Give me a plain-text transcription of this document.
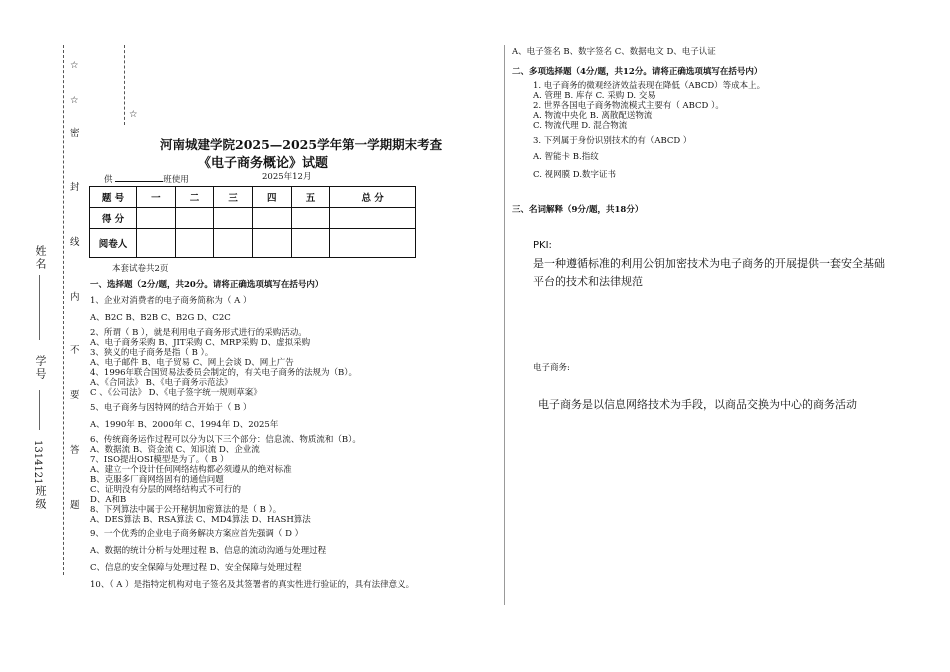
☆
☆
☆
密
封
线
内
不
要
答
题
姓名
学号
班级
1314121
河南城建学院2025—2025学年第一学期期末考查
《电子商务概论》试题
供	班使用	2025年12月
题 号	一	二	三	四	五	总 分
得 分						
阅卷人						
本套试卷共2页
一、选择题（2分/题，共20分。请将正确选项填写在括号内）
1、企业对消费者的电子商务简称为（ A ）
A、B2C B、B2B C、B2G D、C2C
2、所谓（ B ），就是利用电子商务形式进行的采购活动。
A、电子商务采购 B、JIT采购 C、MRP采购 D、虚拟采购
3、狭义的电子商务是指（ B ）。
A、电子邮件 B、电子贸易 C、网上会谈 D、网上广告
4、1996年联合国贸易法委员会制定的，有关电子商务的法规为（B）。
A、《合同法》 B、《电子商务示范法》
C 、《公司法》 D、《电子签字统一规则草案》
5、电子商务与因特网的结合开始于（ B ）
A、1990年 B、2000年 C、1994年 D、2025年
6、传统商务运作过程可以分为以下三个部分：信息流、物质流和（B）。
A、数据流 B、资金流 C、知识流 D、企业流
7、ISO提出OSI模型是为了。（ B ）
A、建立一个设计任何网络结构都必须遵从的绝对标准
B、克服多厂商网络固有的通信问题
C、证明没有分层的网络结构式不可行的
D、A和B
8、下列算法中属于公开秘钥加密算法的是（ B ）。
A、DES算法 B、RSA算法 C、MD4算法 D、HASH算法
9、一个优秀的企业电子商务解决方案应首先强调（ D ）
A、数据的统计分析与处理过程 B、信息的流动沟通与处理过程
C、信息的安全保障与处理过程 D、安全保障与处理过程
10、（ A ）是指特定机构对电子签名及其签署者的真实性进行验证的，具有法律意义。
A、电子签名 B、数字签名 C、数据电文 D、电子认证
二、多项选择题（4分/题，共12分。请将正确选项填写在括号内）
1. 电子商务的微观经济效益表现在降低（ABCD）等成本上。
A. 管理 B. 库存 C. 采购 D. 交易
2. 世界各国电子商务物流模式主要有（ ABCD ）。
A. 物流中央化 B. 离散配送物流
C. 物流代理 D. 混合物流
3. 下列属于身份识别技术的有（ABCD ）
A. 智能卡 B.指纹
C. 视网膜 D.数字证书
三、名词解释（9分/题，共18分）
PKI:
是一种遵循标准的利用公钥加密技术为电子商务的开展提供一套安全基础
平台的技术和法律规范
电子商务:
电子商务是以信息网络技术为手段，以商品交换为中心的商务活动
